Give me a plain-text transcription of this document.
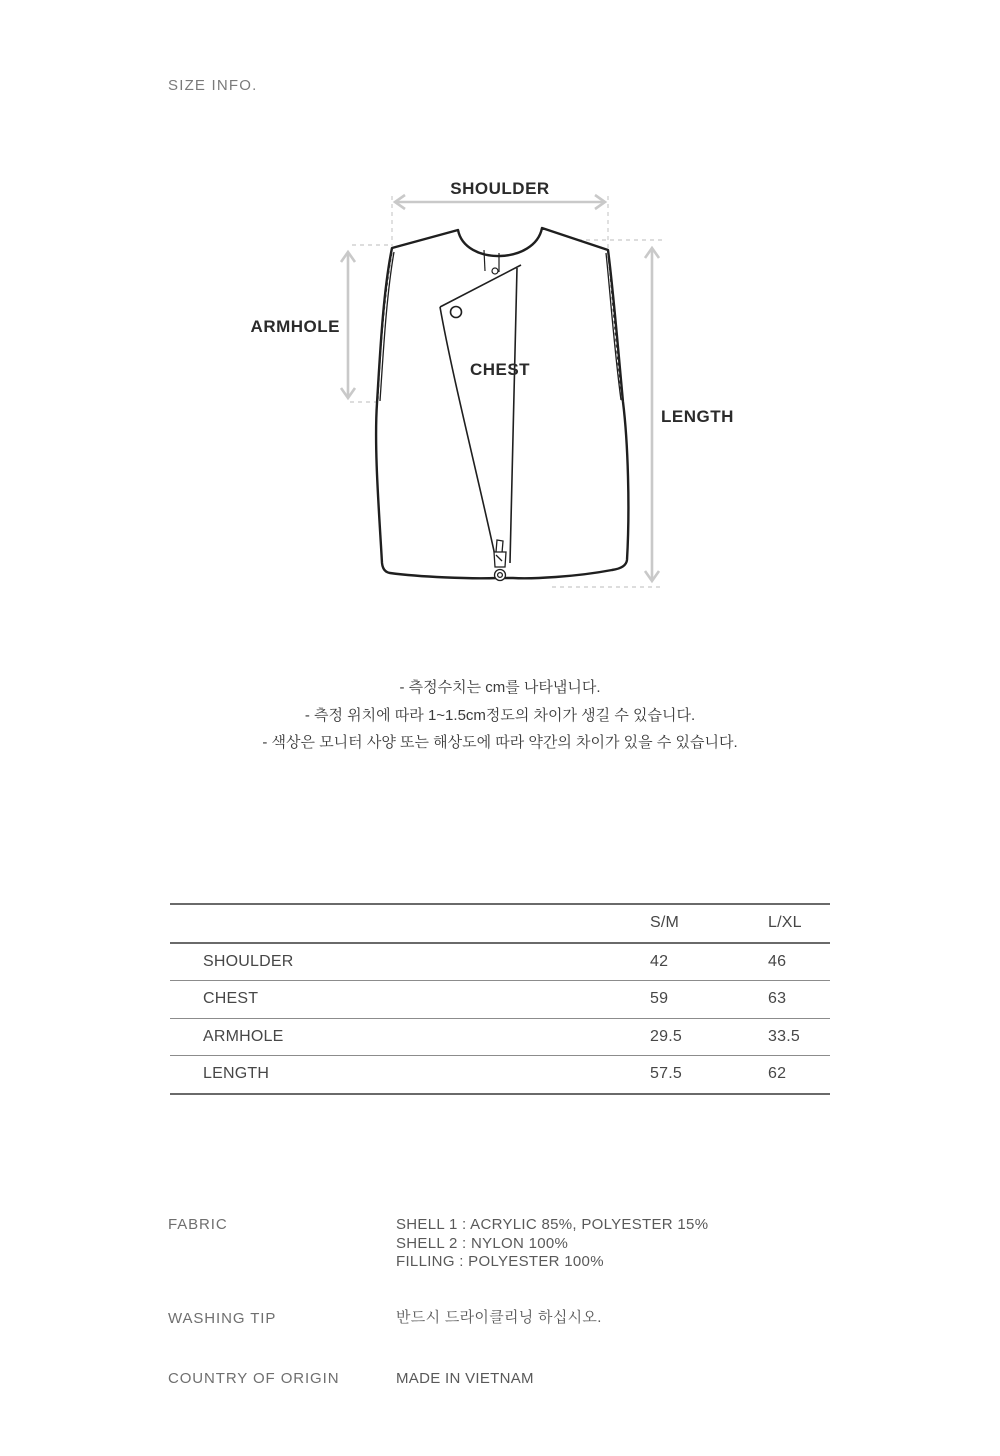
SIZE INFO.
SHOULDER
ARMHOLE
CHEST
LENGTH
- 측정수치는 cm를 나타냅니다.
- 측정 위치에 따라 1~1.5cm정도의 차이가 생길 수 있습니다.
- 색상은 모니터 사양 또는 해상도에 따라 약간의 차이가 있을 수 있습니다.
S/M	L/XL
SHOULDER	42	46
CHEST	59	63
ARMHOLE	29.5	33.5
LENGTH	57.5	62
FABRIC	SHELL 1 : ACRYLIC 85%, POLYESTER 15%
SHELL 2 : NYLON 100%
FILLING : POLYESTER 100%
WASHING TIP	반드시 드라이클리닝 하십시오.
COUNTRY OF ORIGIN	MADE IN VIETNAM
